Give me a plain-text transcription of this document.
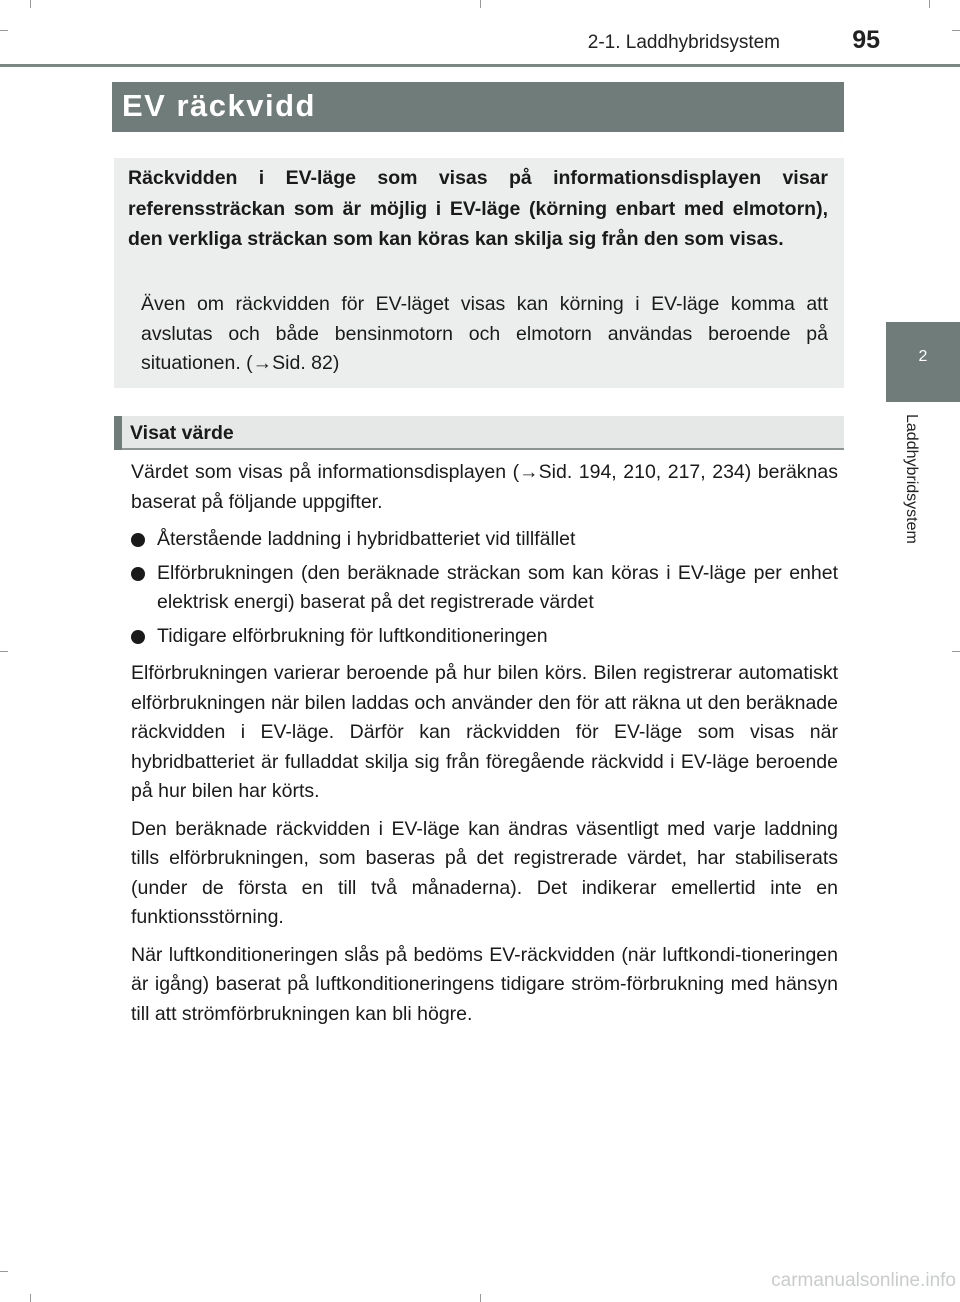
2-1. Laddhybridsystem	95
EV räckvidd
2
Laddhybridsystem
Räckvidden i EV-läge som visas på informationsdisplayen visar referenssträckan som är möjlig i EV-läge (körning enbart med elmotorn), den verkliga sträckan som kan köras kan skilja sig från den som visas.
Även om räckvidden för EV-läget visas kan körning i EV-läge komma att avslutas och både bensinmotorn och elmotorn användas beroende på situationen. (→Sid. 82)
Visat värde

Värdet som visas på informationsdisplayen (→Sid. 194, 210, 217, 234) beräknas baserat på följande uppgifter.

Återstående laddning i hybridbatteriet vid tillfället
Elförbrukningen (den beräknade sträckan som kan köras i EV-läge per enhet elektrisk energi) baserat på det registrerade värdet
Tidigare elförbrukning för luftkonditioneringen

Elförbrukningen varierar beroende på hur bilen körs. Bilen registrerar automatiskt elförbrukningen när bilen laddas och använder den för att räkna ut den beräknade räckvidden i EV-läge. Därför kan räckvidden för EV-läge som visas när hybridbatteriet är fulladdat skilja sig från föregående räckvidd i EV-läge beroende på hur bilen har körts.

Den beräknade räckvidden i EV-läge kan ändras väsentligt med varje laddning tills elförbrukningen, som baseras på det registrerade värdet, har stabiliserats (under de första en till två månaderna). Det indikerar emellertid inte en funktionsstörning.

När luftkonditioneringen slås på bedöms EV-räckvidden (när luftkondi-tioneringen är igång) baserat på luftkonditioneringens tidigare ström-förbrukning med hänsyn till att strömförbrukningen kan bli högre.

carmanualsonline.info
